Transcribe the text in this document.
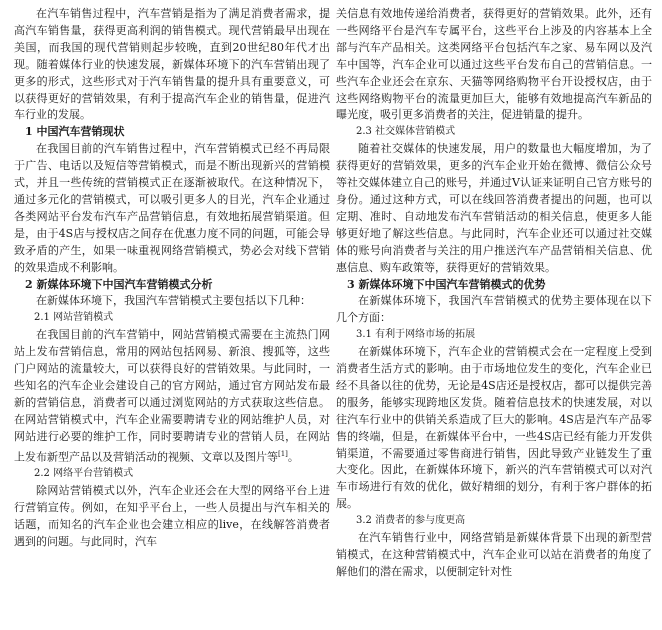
在汽车销售过程中，汽车营销是指为了满足消费者需求，提高汽车销售量，获得更高利润的销售模式。现代营销最早出现在美国，而我国的现代营销则起步较晚，直到20世纪80年代才出现。随着媒体行业的快速发展，新媒体环境下的汽车营销出现了更多的形式，这些形式对于汽车销售量的提升具有重要意义，可以获得更好的营销效果，有利于提高汽车企业的销售量，促进汽车行业的发展。

1 中国汽车营销现状

在我国目前的汽车销售过程中，汽车营销模式已经不再局限于广告、电话以及短信等营销模式，而是不断出现新兴的营销模式，并且一些传统的营销模式正在逐渐被取代。在这种情况下，通过多元化的营销模式，可以吸引更多人的目光，汽车企业通过各类网站平台发布汽车产品营销信息，有效地拓展营销渠道。但是，由于4S店与授权店之间存在优惠力度不同的问题，可能会导致矛盾的产生，如果一味重视网络营销模式，势必会对线下营销的效果造成不利影响。

2 新媒体环境下中国汽车营销模式分析

在新媒体环境下，我国汽车营销模式主要包括以下几种：

2.1 网站营销模式

在我国目前的汽车营销中，网站营销模式需要在主流热门网站上发布营销信息，常用的网站包括网易、新浪、搜狐等，这些门户网站的流量较大，可以获得良好的营销效果。与此同时，一些知名的汽车企业会建设自己的官方网站，通过官方网站发布最新的营销信息，消费者可以通过浏览网站的方式获取这些信息。在网站营销模式中，汽车企业需要聘请专业的网站维护人员，对网站进行必要的维护工作，同时要聘请专业的营销人员，在网站上发布新型产品以及营销活动的视频、文章以及图片等[1]。

2.2 网络平台营销模式

除网站营销模式以外，汽车企业还会在大型的网络平台上进行营销宣传。例如，在知乎平台上，一些人员提出与汽车相关的话题，而知名的汽车企业也会建立相应的live，在线解答消费者遇到的问题。与此同时，汽车

关信息有效地传递给消费者，获得更好的营销效果。此外，还有一些网络平台是汽车专属平台，这些平台上涉及的内容基本上全部与汽车产品相关。这类网络平台包括汽车之家、易车网以及汽车中国等，汽车企业可以通过这些平台发布自己的营销信息。一些汽车企业还会在京东、天猫等网络购物平台开设授权店，由于这些网络购物平台的流量更加巨大，能够有效地提高汽车新品的曝光度，吸引更多消费者的关注，促进销量的提升。

2.3 社交媒体营销模式

随着社交媒体的快速发展，用户的数量也大幅度增加，为了获得更好的营销效果，更多的汽车企业开始在微博、微信公众号等社交媒体建立自己的账号，并通过V认证来证明自己官方账号的身份。通过这种方式，可以在线回答消费者提出的问题，也可以定期、准时、自动地发布汽车营销活动的相关信息，使更多人能够更好地了解这些信息。与此同时，汽车企业还可以通过社交媒体的账号向消费者与关注的用户推送汽车产品营销相关信息、优惠信息、购车政策等，获得更好的营销效果。

3 新媒体环境下中国汽车营销模式的优势

在新媒体环境下，我国汽车营销模式的优势主要体现在以下几个方面：

3.1 有利于网络市场的拓展

在新媒体环境下，汽车企业的营销模式会在一定程度上受到消费者生活方式的影响。由于市场地位发生的变化，汽车企业已经不具备以往的优势，无论是4S店还是授权店，都可以提供完善的服务，能够实现跨地区发货。随着信息技术的快速发展，对以往汽车行业中的供销关系造成了巨大的影响。4S店是汽车产品零售的终端，但是，在新媒体平台中，一些4S店已经有能力开发供销渠道，不需要通过零售商进行销售，因此导致产业链发生了重大变化。因此，在新媒体环境下，新兴的汽车营销模式可以对汽车市场进行有效的优化，做好精细的划分，有利于客户群体的拓展。

3.2 消费者的参与度更高

在汽车销售行业中，网络营销是新媒体背景下出现的新型营销模式，在这种营销模式中，汽车企业可以站在消费者的角度了解他们的潜在需求，以便制定针对性
